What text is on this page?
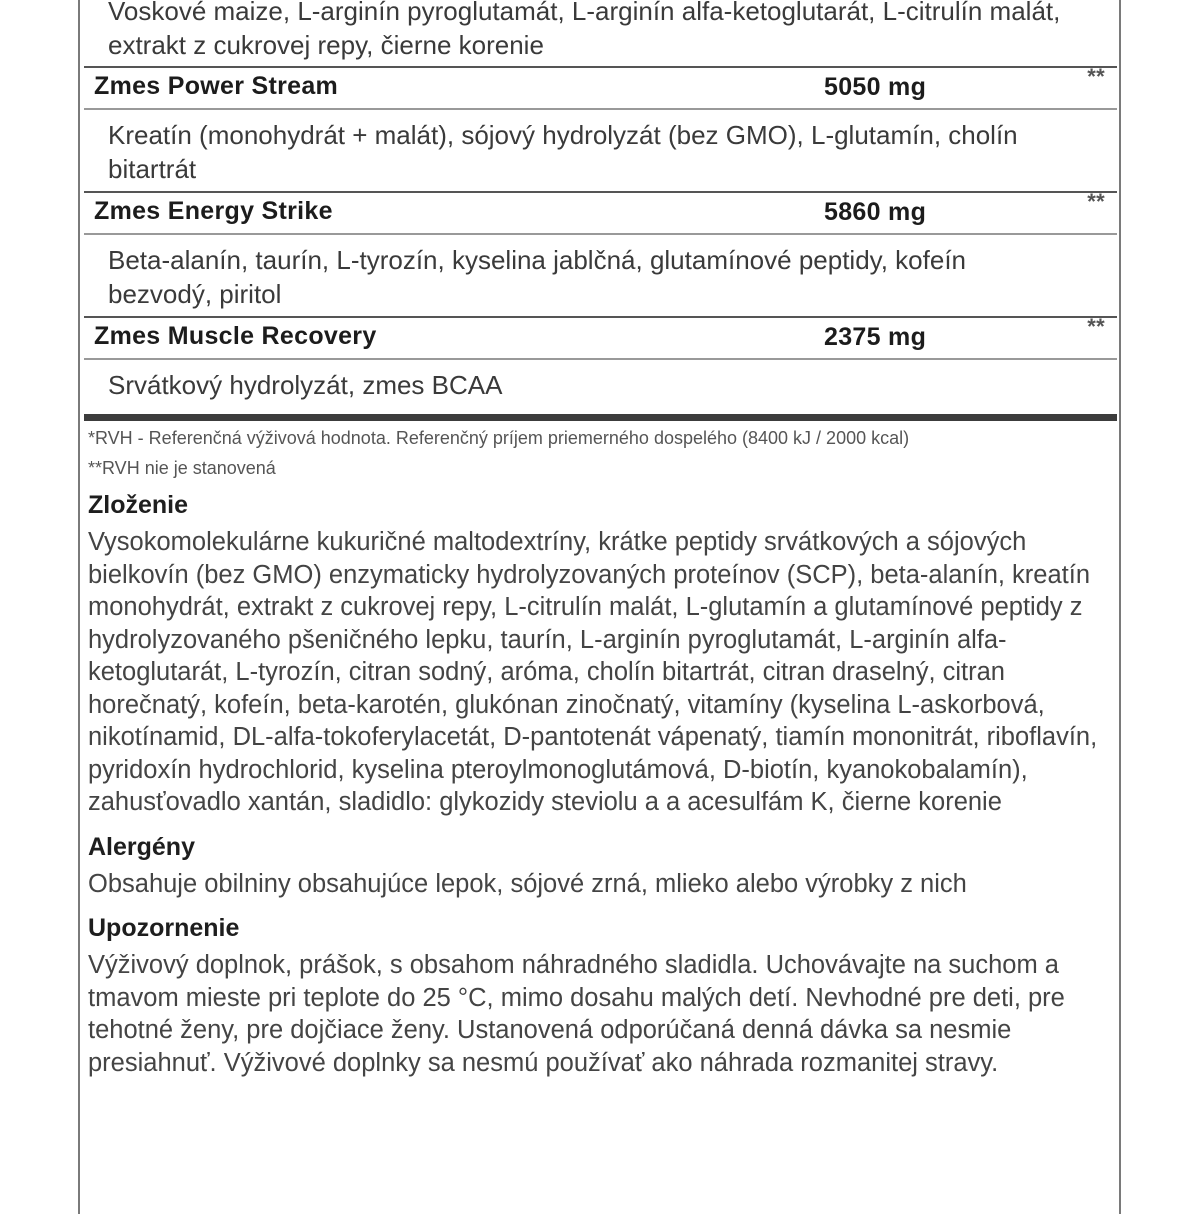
Voskové maize, L-arginín pyroglutamát, L-arginín alfa-ketoglutarát, L-citrulín malát, extrakt z cukrovej repy, čierne korenie
Zmes Power Stream	5050 mg	**
Kreatín (monohydrát + malát), sójový hydrolyzát (bez GMO), L-glutamín, cholín bitartrát
Zmes Energy Strike	5860 mg	**
Beta-alanín, taurín, L-tyrozín, kyselina jablčná, glutamínové peptidy, kofeín bezvodý, piritol
Zmes Muscle Recovery	2375 mg	**
Srvátkový hydrolyzát, zmes BCAA
*RVH - Referenčná výživová hodnota. Referenčný príjem priemerného dospelého (8400 kJ / 2000 kcal)
**RVH nie je stanovená
Zloženie
Vysokomolekulárne kukuričné maltodextríny, krátke peptidy srvátkových a sójových bielkovín (bez GMO) enzymaticky hydrolyzovaných proteínov (SCP), beta-alanín, kreatín monohydrát, extrakt z cukrovej repy, L-citrulín malát, L-glutamín a glutamínové peptidy z hydrolyzovaného pšeničného lepku, taurín, L-arginín pyroglutamát, L-arginín alfa-ketoglutarát, L-tyrozín, citran sodný, aróma, cholín bitartrát, citran draselný, citran horečnatý, kofeín, beta-karotén, glukónan zinočnatý, vitamíny (kyselina L-askorbová, nikotínamid, DL-alfa-tokoferylacetát, D-pantotenát vápenatý, tiamín mononitrát, riboflavín, pyridoxín hydrochlorid, kyselina pteroylmonoglutámová, D-biotín, kyanokobalamín), zahusťovadlo xantán, sladidlo: glykozidy steviolu a a acesulfám K, čierne korenie
Alergény
Obsahuje obilniny obsahujúce lepok, sójové zrná, mlieko alebo výrobky z nich
Upozornenie
Výživový doplnok, prášok, s obsahom náhradného sladidla. Uchovávajte na suchom a tmavom mieste pri teplote do 25 °C, mimo dosahu malých detí. Nevhodné pre deti, pre tehotné ženy, pre dojčiace ženy. Ustanovená odporúčaná denná dávka sa nesmie presiahnuť. Výživové doplnky sa nesmú používať ako náhrada rozmanitej stravy.
